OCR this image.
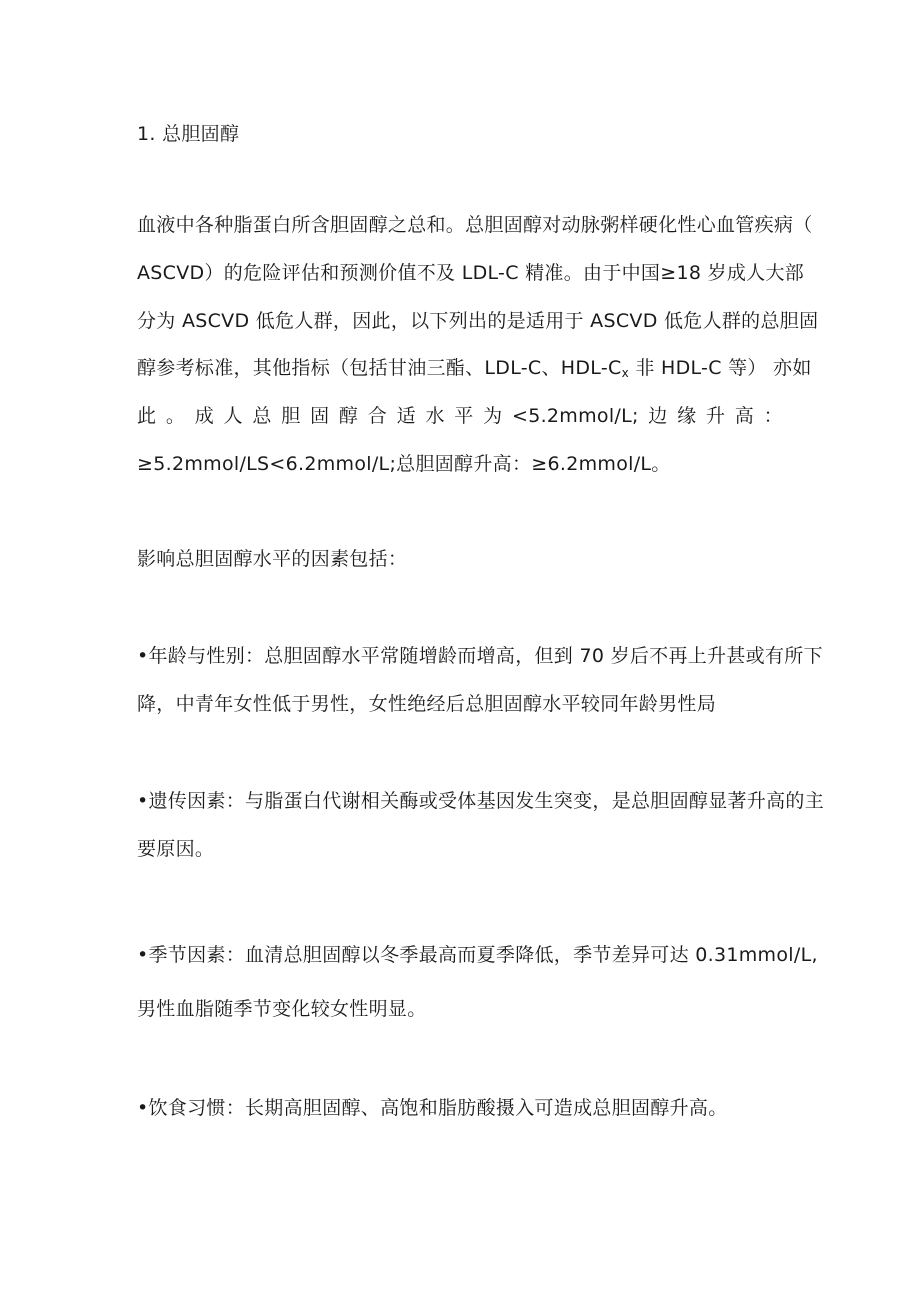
1. 总胆固醇
血液中各种脂蛋白所含胆固醇之总和。总胆固醇对动脉粥样硬化性心血管疾病（
ASCVD）的危险评估和预测价值不及 LDL-C 精准。由于中国≥18 岁成人大部
分为 ASCVD 低危人群，因此，以下列出的是适用于 ASCVD 低危人群的总胆固
醇参考标准，其他指标（包括甘油三酯、LDL-C、HDL-$C_x$ 非 HDL-C 等） 亦如
此 。 成 人 总 胆 固 醇 合 适 水 平 为 <5.2mmol/L; 边 缘 升 高 ：
≥5.2mmol/LS<6.2mmol/L;总胆固醇升高：≥6.2mmol/L。
影响总胆固醇水平的因素包括：
•年龄与性别：总胆固醇水平常随增龄而增高，但到 70 岁后不再上升甚或有所下
降，中青年女性低于男性，女性绝经后总胆固醇水平较同年龄男性局
•遗传因素：与脂蛋白代谢相关酶或受体基因发生突变，是总胆固醇显著升高的主
要原因。
•季节因素：血清总胆固醇以冬季最高而夏季降低，季节差异可达 0.31mmol/L,
男性血脂随季节变化较女性明显。
•饮食习惯：长期高胆固醇、高饱和脂肪酸摄入可造成总胆固醇升高。
